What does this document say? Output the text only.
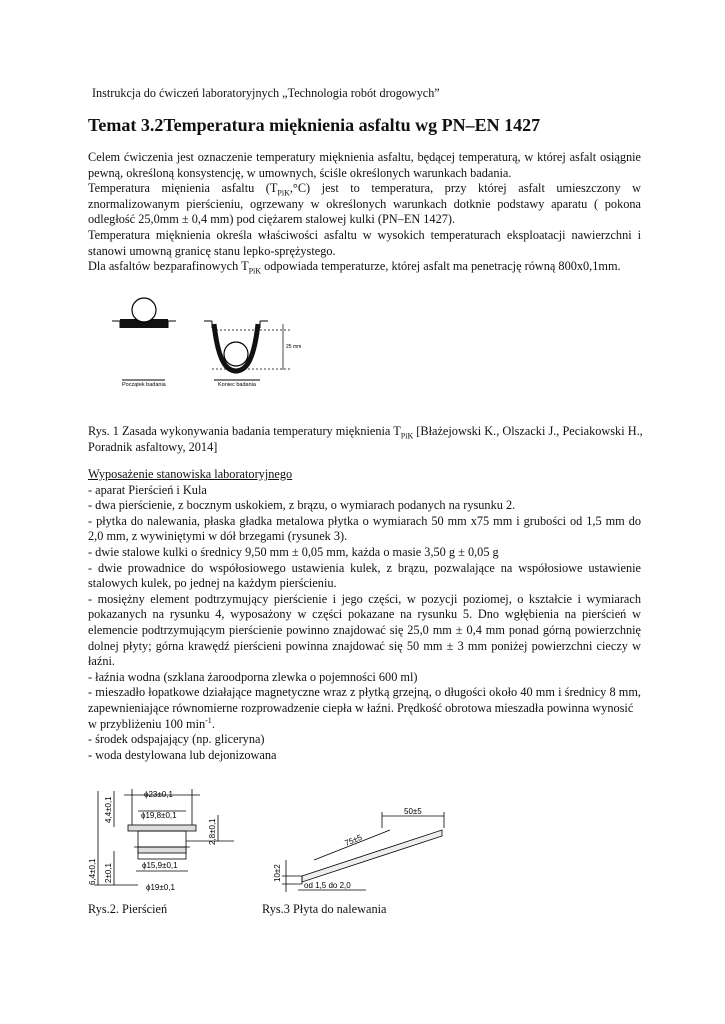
Instrukcja do ćwiczeń laboratoryjnych „Technologia robót drogowych”
Temat 3.2Temperatura mięknienia asfaltu wg PN–EN 1427

Celem ćwiczenia jest oznaczenie temperatury mięknienia asfaltu, będącej temperaturą, w której asfalt osiągnie pewną, określoną konsystencję, w umownych, ściśle określonych warunkach badania.

Temperatura mięnienia asfaltu $(T_{PiK},^\circ C)$ jest to temperatura, przy której asfalt umieszczony w znormalizowanym pierścieniu, ogrzewany w określonych warunkach dotknie podstawy aparatu ( pokona odległość 25,0mm ± 0,4 mm) pod ciężarem stalowej kulki (PN–EN 1427).

Temperatura mięknienia określa właściwości asfaltu w wysokich temperaturach eksploatacji nawierzchni i stanowi umowną granicę stanu lepko-sprężystego.

Dla asfaltów bezparafinowych $T_{PiK}$ odpowiada temperaturze, której asfalt ma penetrację równą 800x0,1mm.

Początek badania
25 mm
Koniec badania
Rys. 1 Zasada wykonywania badania temperatury mięknienia $T_{PiK}$ [Błażejowski K., Olszacki J., Peciakowski H., Poradnik asfaltowy, 2014]

Wyposażenie stanowiska laboratoryjnego

- aparat Pierścień i Kula

- dwa pierścienie, z bocznym uskokiem, z brązu, o wymiarach podanych na rysunku 2.

- płytka do nalewania, płaska gładka metalowa płytka o wymiarach 50 mm x75 mm i grubości od 1,5 mm do 2,0 mm, z wywiniętymi w dół brzegami (rysunek 3).

- dwie stalowe kulki o średnicy 9,50 mm ± 0,05 mm, każda o masie 3,50 g ± 0,05 g

- dwie prowadnice do współosiowego ustawienia kulek, z brązu, pozwalające na współosiowe ustawienie stalowych kulek, po jednej na każdym pierścieniu.

- mosiężny element podtrzymujący pierścienie i jego części, w pozycji poziomej, o kształcie i wymiarach pokazanych na rysunku 4, wyposażony w części pokazane na rysunku 5. Dno wgłębienia na pierścień w elemencie podtrzymującym pierścienie powinno znajdować się 25,0 mm ± 0,4 mm ponad górną powierzchnię dolnej płyty; górna krawędź pierścieni powinna znajdować się 50 mm ± 3 mm poniżej powierzchni cieczy w łaźni.

- łaźnia wodna (szklana żaroodporna zlewka o pojemności 600 ml)

- mieszadło łopatkowe działające magnetyczne wraz z płytką grzejną, o długości około 40 mm i średnicy 8 mm, zapewnieniające równomierne rozprowadzenie ciepła w łaźni. Prędkość obrotowa mieszadła powinna wynosić

w przybliżeniu 100 $\min^{-1}$.

- środek odspajający (np. gliceryna)

- woda destylowana lub dejonizowana

ϕ23±0,1
ϕ19,8±0,1
ϕ15,9±0,1
ϕ19±0,1
6,4±0,1
4,4±0,1
2,8±0,1
2±0,1
Rys.2. Pierścień
50±5
75±5
10±2
od 1,5 do 2,0
Rys.3 Płyta do nalewania
